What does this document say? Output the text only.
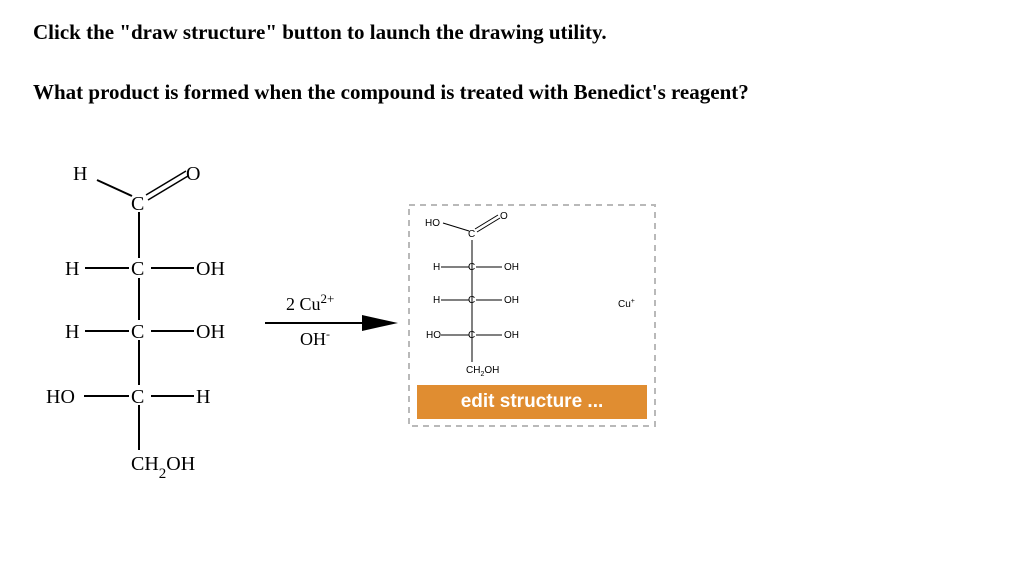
Click the "draw structure" button to launch the drawing utility.

What product is formed when the compound is treated with Benedict's reagent?

H
C
O
H	C	OH
H	C	OH
HO	C	H
$CH_2OH$
2 $Cu^{2+}$
OH-
HO
C
O
H	C	OH
H	C	OH
HO	C	OH
$CH_2OH$
Cu+
edit structure ...
